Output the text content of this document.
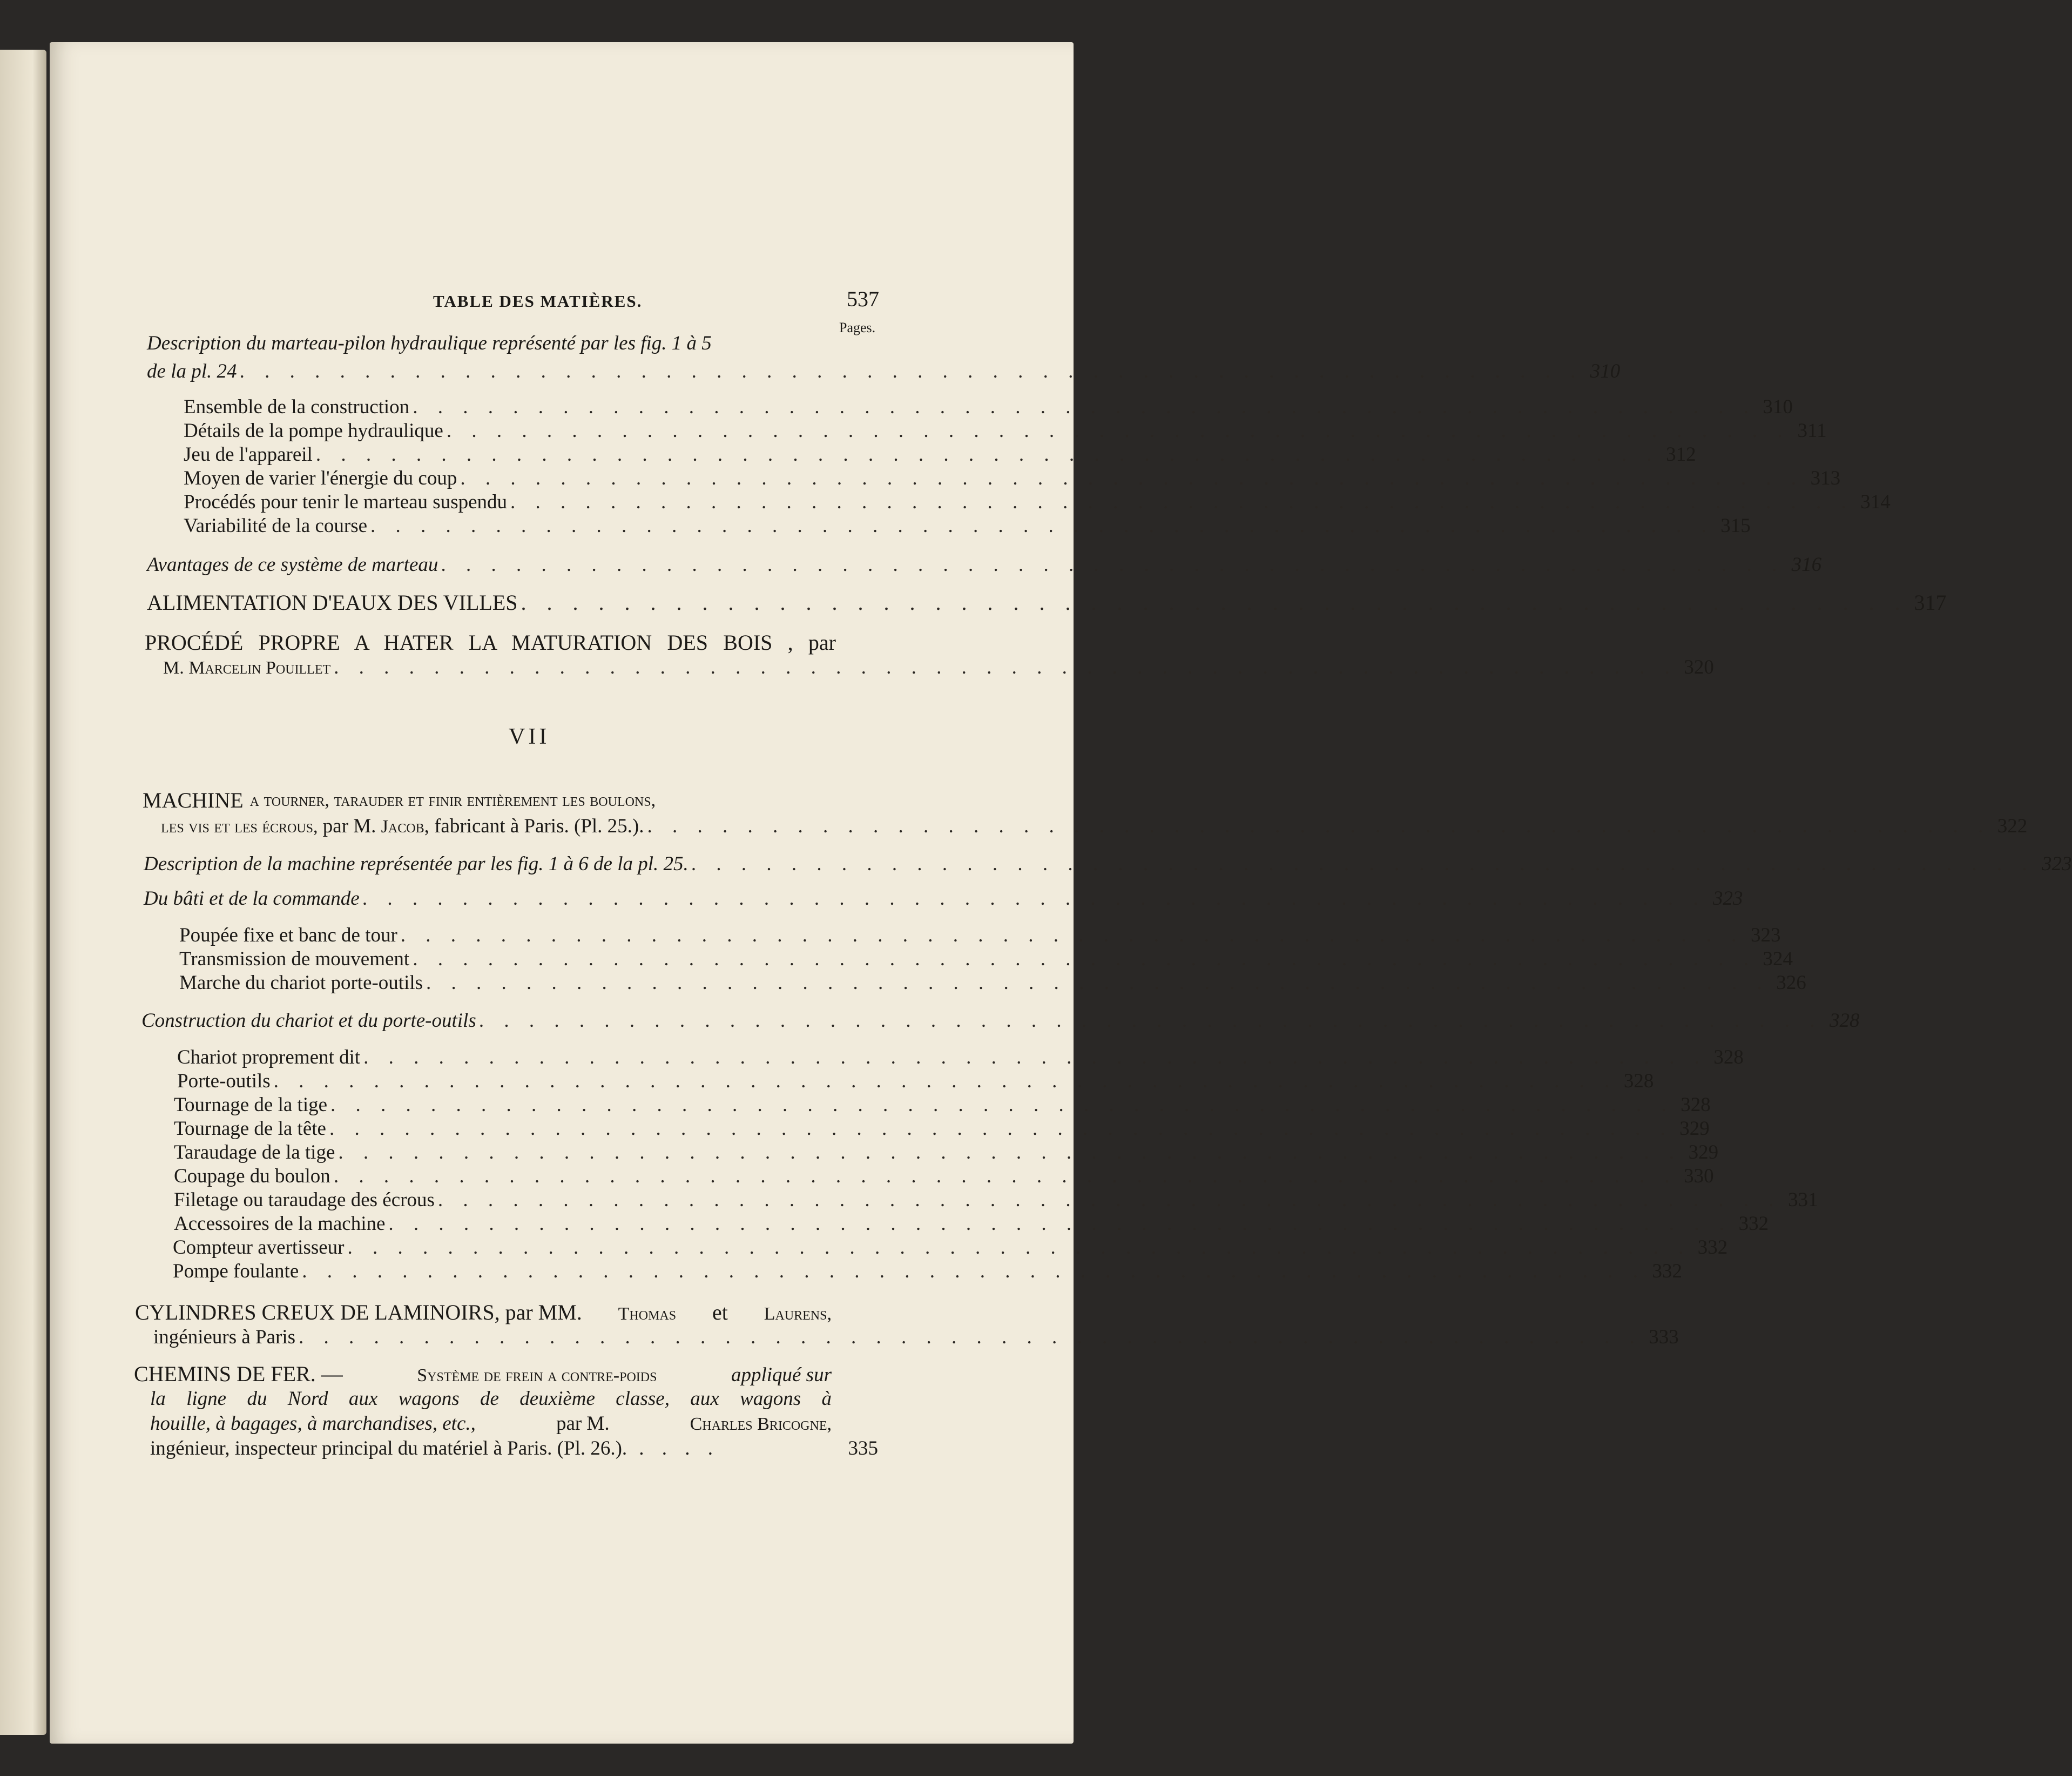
TABLE DES MATIÈRES.	537
Pages.
Description du marteau-pilon hydraulique représenté par les fig. 1 à 5
de la pl. 24 . . . . . . . . . . . . . . . . . . . . . . . . . . . . . . . . . . . . . . . . . . . . . . . . . . . . . . 310
Ensemble de la construction . . . . . . . . . . . . . . . . . . . . . . . . . . . . . . . . . . . . . . . . . . . . . . . . . . . . . . 310
Détails de la pompe hydraulique . . . . . . . . . . . . . . . . . . . . . . . . . . . . . . . . . . . . . . . . . . . . . . . . . . . . . . 311
Jeu de l'appareil . . . . . . . . . . . . . . . . . . . . . . . . . . . . . . . . . . . . . . . . . . . . . . . . . . . . . . 312
Moyen de varier l'énergie du coup . . . . . . . . . . . . . . . . . . . . . . . . . . . . . . . . . . . . . . . . . . . . . . . . . . . . . . 313
Procédés pour tenir le marteau suspendu . . . . . . . . . . . . . . . . . . . . . . . . . . . . . . . . . . . . . . . . . . . . . . . . . . . . . . 314
Variabilité de la course . . . . . . . . . . . . . . . . . . . . . . . . . . . . . . . . . . . . . . . . . . . . . . . . . . . . . . 315
Avantages de ce système de marteau . . . . . . . . . . . . . . . . . . . . . . . . . . . . . . . . . . . . . . . . . . . . . . . . . . . . . . 316
ALIMENTATION D'EAUX DES VILLES . . . . . . . . . . . . . . . . . . . . . . . . . . . . . . . . . . . . . . . . . . . . . . . . . . . . . . 317
PROCÉDÉ PROPRE A HATER LA MATURATION DES BOIS , par
M. Marcelin Pouillet . . . . . . . . . . . . . . . . . . . . . . . . . . . . . . . . . . . . . . . . . . . . . . . . . . . . . . 320
VII
MACHINE a tourner, tarauder et finir entièrement les boulons,
les vis et les écrous, par M. Jacob, fabricant à Paris. (Pl. 25.). . . . . . . . . . . . . . . . . . . . . . . . . . . . . . . . . . . . . . . . . . . . . . . . . . . . . . . 322
Description de la machine représentée par les fig. 1 à 6 de la pl. 25. . . . . . . . . . . . . . . . . . . . . . . . . . . . . . . . . . . . . . . . . . . . . . . . . . . . . . . 323
Du bâti et de la commande . . . . . . . . . . . . . . . . . . . . . . . . . . . . . . . . . . . . . . . . . . . . . . . . . . . . . . 323
Poupée fixe et banc de tour . . . . . . . . . . . . . . . . . . . . . . . . . . . . . . . . . . . . . . . . . . . . . . . . . . . . . . 323
Transmission de mouvement . . . . . . . . . . . . . . . . . . . . . . . . . . . . . . . . . . . . . . . . . . . . . . . . . . . . . . 324
Marche du chariot porte-outils . . . . . . . . . . . . . . . . . . . . . . . . . . . . . . . . . . . . . . . . . . . . . . . . . . . . . . 326
Construction du chariot et du porte-outils . . . . . . . . . . . . . . . . . . . . . . . . . . . . . . . . . . . . . . . . . . . . . . . . . . . . . . 328
Chariot proprement dit . . . . . . . . . . . . . . . . . . . . . . . . . . . . . . . . . . . . . . . . . . . . . . . . . . . . . . 328
Porte-outils . . . . . . . . . . . . . . . . . . . . . . . . . . . . . . . . . . . . . . . . . . . . . . . . . . . . . . 328
Tournage de la tige . . . . . . . . . . . . . . . . . . . . . . . . . . . . . . . . . . . . . . . . . . . . . . . . . . . . . . 328
Tournage de la tête . . . . . . . . . . . . . . . . . . . . . . . . . . . . . . . . . . . . . . . . . . . . . . . . . . . . . . 329
Taraudage de la tige . . . . . . . . . . . . . . . . . . . . . . . . . . . . . . . . . . . . . . . . . . . . . . . . . . . . . . 329
Coupage du boulon . . . . . . . . . . . . . . . . . . . . . . . . . . . . . . . . . . . . . . . . . . . . . . . . . . . . . . 330
Filetage ou taraudage des écrous . . . . . . . . . . . . . . . . . . . . . . . . . . . . . . . . . . . . . . . . . . . . . . . . . . . . . . 331
Accessoires de la machine . . . . . . . . . . . . . . . . . . . . . . . . . . . . . . . . . . . . . . . . . . . . . . . . . . . . . . 332
Compteur avertisseur . . . . . . . . . . . . . . . . . . . . . . . . . . . . . . . . . . . . . . . . . . . . . . . . . . . . . . 332
Pompe foulante . . . . . . . . . . . . . . . . . . . . . . . . . . . . . . . . . . . . . . . . . . . . . . . . . . . . . . 332
CYLINDRES CREUX DE LAMINOIRS, par MM. Thomas et Laurens,
ingénieurs à Paris . . . . . . . . . . . . . . . . . . . . . . . . . . . . . . . . . . . . . . . . . . . . . . . . . . . . . . 333
CHEMINS DE FER. —	Système de frein a contre-poids	appliqué sur
la ligne du Nord aux wagons de deuxième classe, aux wagons à
houille, à bagages, à marchandises, etc.,	par M.	Charles Bricogne,
ingénieur, inspecteur principal du matériel à Paris. (Pl. 26.). . . . .	335
